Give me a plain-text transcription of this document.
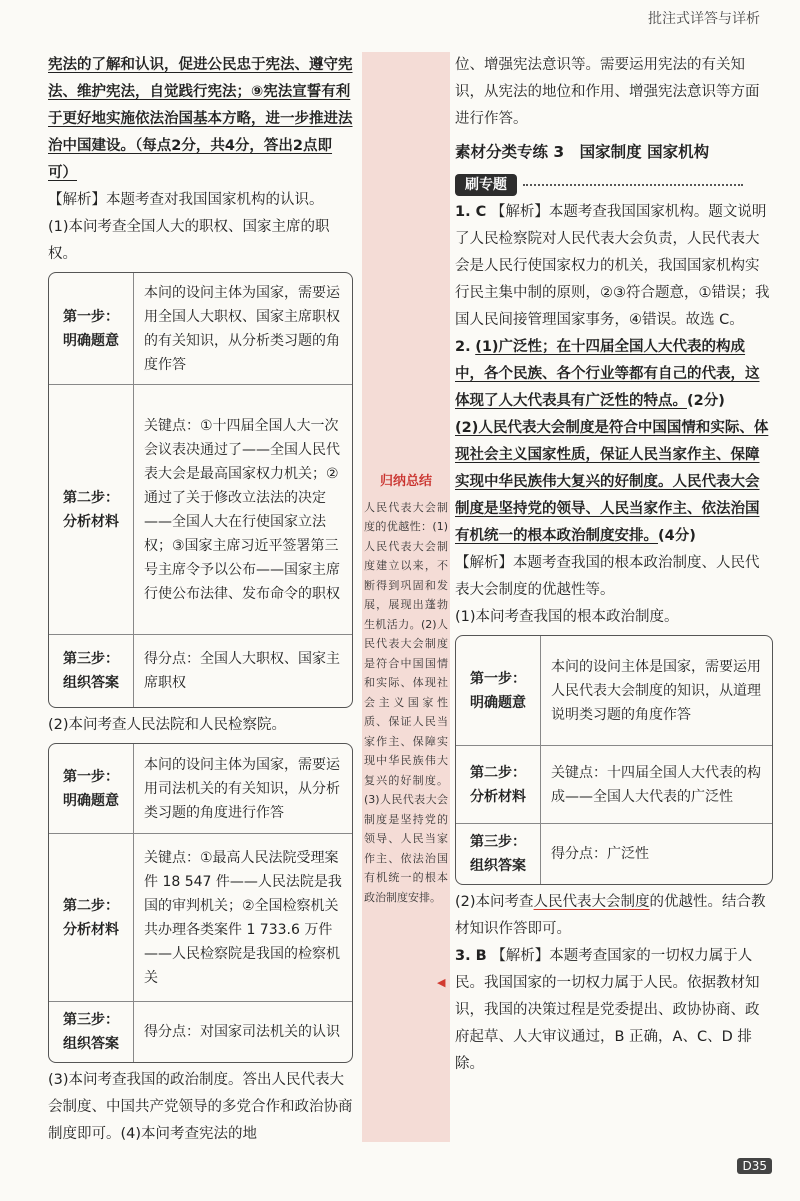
批注式详答与详析

宪法的了解和认识，促进公民忠于宪法、遵守宪法、维护宪法，自觉践行宪法；⑨宪法宣誓有利于更好地实施依法治国基本方略，进一步推进法治中国建设。（每点2分，共4分，答出2点即可）

【解析】本题考查对我国国家机构的认识。

(1)本问考查全国人大的职权、国家主席的职权。

第一步：
明确题意	本问的设问主体为国家，需要运用全国人大职权、国家主席职权的有关知识，从分析类习题的角度作答
第二步：
分析材料	关键点：①十四届全国人大一次会议表决通过了——全国人民代表大会是最高国家权力机关；②通过了关于修改立法法的决定——全国人大在行使国家立法权；③国家主席习近平签署第三号主席令予以公布——国家主席行使公布法律、发布命令的职权
第三步：
组织答案	得分点：全国人大职权、国家主席职权

(2)本问考查人民法院和人民检察院。

第一步：
明确题意	本问的设问主体为国家，需要运用司法机关的有关知识，从分析类习题的角度进行作答
第二步：
分析材料	关键点：①最高人民法院受理案件 18 547 件——人民法院是我国的审判机关；②全国检察机关共办理各类案件 1 733.6 万件——人民检察院是我国的检察机关
第三步：
组织答案	得分点：对国家司法机关的认识

(3)本问考查我国的政治制度。答出人民代表大会制度、中国共产党领导的多党合作和政治协商制度即可。(4)本问考查宪法的地

归纳总结
人民代表大会制度的优越性：(1)人民代表大会制度建立以来，不断得到巩固和发展，展现出蓬勃生机活力。(2)人民代表大会制度是符合中国国情和实际、体现社会主义国家性质、保证人民当家作主、保障实现中华民族伟大复兴的好制度。(3)人民代表大会制度是坚持党的领导、人民当家作主、依法治国有机统一的根本政治制度安排。
◀

位、增强宪法意识等。需要运用宪法的有关知识，从宪法的地位和作用、增强宪法意识等方面进行作答。

素材分类专练 3　国家制度 国家机构

刷专题

1. C 【解析】本题考查我国国家机构。题文说明了人民检察院对人民代表大会负责，人民代表大会是人民行使国家权力的机关，我国国家机构实行民主集中制的原则，②③符合题意，①错误；我国人民间接管理国家事务，④错误。故选 C。

2. (1)广泛性；在十四届全国人大代表的构成中，各个民族、各个行业等都有自己的代表，这体现了人大代表具有广泛性的特点。(2分)

(2)人民代表大会制度是符合中国国情和实际、体现社会主义国家性质，保证人民当家作主、保障实现中华民族伟大复兴的好制度。人民代表大会制度是坚持党的领导、人民当家作主、依法治国有机统一的根本政治制度安排。(4分)

【解析】本题考查我国的根本政治制度、人民代表大会制度的优越性等。

(1)本问考查我国的根本政治制度。

第一步：
明确题意	本问的设问主体是国家，需要运用人民代表大会制度的知识，从道理说明类习题的角度作答
第二步：
分析材料	关键点：十四届全国人大代表的构成——全国人大代表的广泛性
第三步：
组织答案	得分点：广泛性

(2)本问考查人民代表大会制度的优越性。结合教材知识作答即可。

3. B 【解析】本题考查国家的一切权力属于人民。我国国家的一切权力属于人民。依据教材知识，我国的决策过程是党委提出、政协协商、政府起草、人大审议通过，B 正确，A、C、D 排除。

D35
